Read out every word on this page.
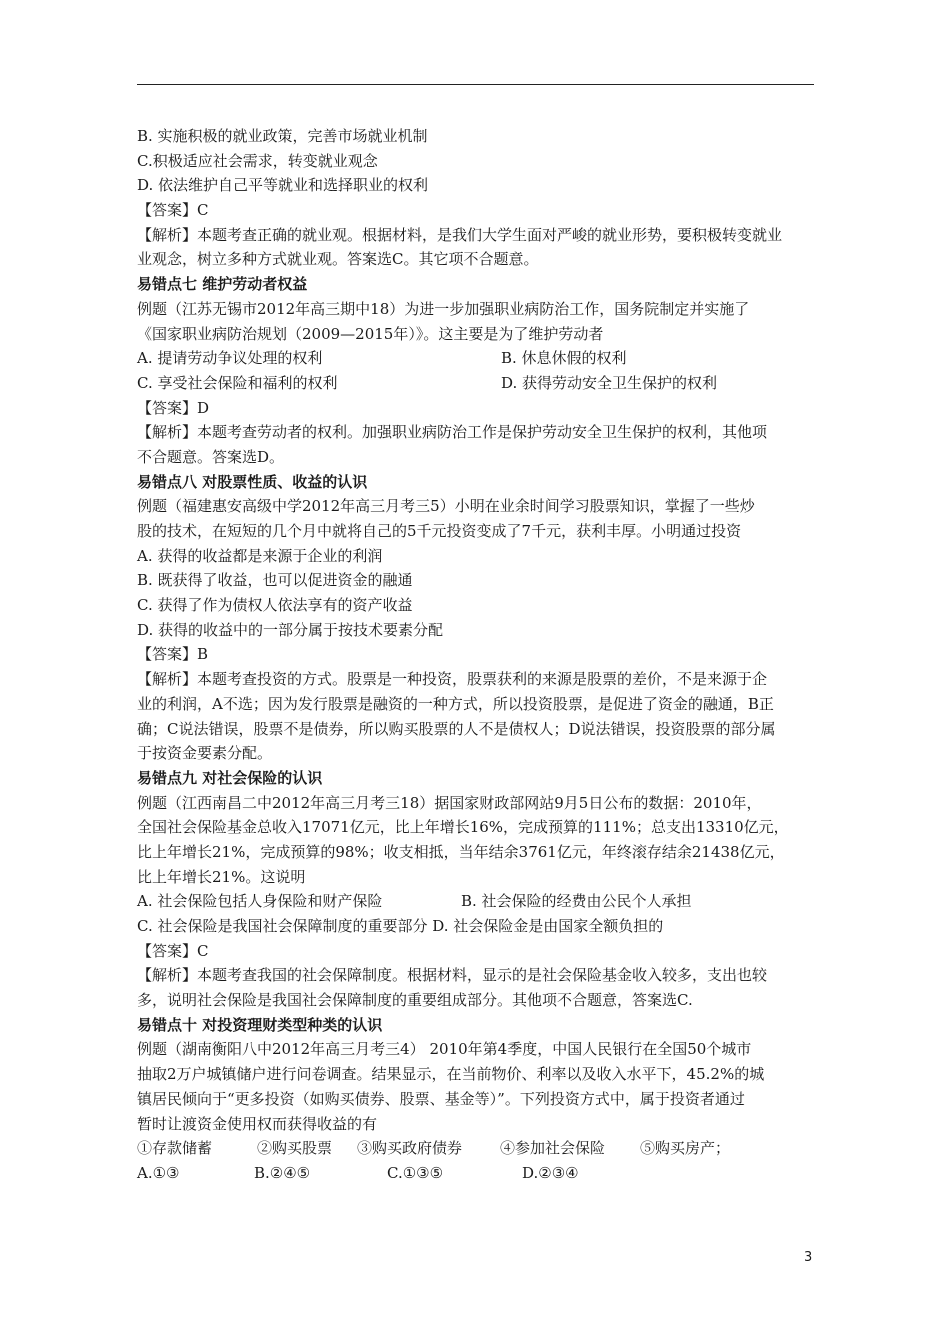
B. 实施积极的就业政策，完善市场就业机制
C.积极适应社会需求，转变就业观念
D. 依法维护自己平等就业和选择职业的权利
【答案】C
【解析】本题考查正确的就业观。根据材料，是我们大学生面对严峻的就业形势，要积极转变就业
业观念，树立多种方式就业观。答案选C。其它项不合题意。
易错点七 维护劳动者权益
例题（江苏无锡市2012年高三期中18）为进一步加强职业病防治工作，国务院制定并实施了
《国家职业病防治规划（2009—2015年）》。这主要是为了维护劳动者
A. 提请劳动争议处理的权利	B. 休息休假的权利
C. 享受社会保险和福利的权利	D. 获得劳动安全卫生保护的权利
【答案】D
【解析】本题考查劳动者的权利。加强职业病防治工作是保护劳动安全卫生保护的权利，其他项
不合题意。答案选D。
易错点八 对股票性质、收益的认识
例题（福建惠安高级中学2012年高三月考三5）小明在业余时间学习股票知识，掌握了一些炒
股的技术，在短短的几个月中就将自己的5千元投资变成了7千元，获利丰厚。小明通过投资
A. 获得的收益都是来源于企业的利润
B. 既获得了收益，也可以促进资金的融通
C. 获得了作为债权人依法享有的资产收益
D. 获得的收益中的一部分属于按技术要素分配
【答案】B
【解析】本题考查投资的方式。股票是一种投资，股票获利的来源是股票的差价，不是来源于企
业的利润，A不选；因为发行股票是融资的一种方式，所以投资股票，是促进了资金的融通，B正
确；C说法错误，股票不是债券，所以购买股票的人不是债权人；D说法错误，投资股票的部分属
于按资金要素分配。
易错点九 对社会保险的认识
例题（江西南昌二中2012年高三月考三18）据国家财政部网站9月5日公布的数据：2010年，
全国社会保险基金总收入17071亿元，比上年增长16%，完成预算的111%；总支出13310亿元，
比上年增长21%，完成预算的98%；收支相抵，当年结余3761亿元，年终滚存结余21438亿元，
比上年增长21%。这说明
A. 社会保险包括人身保险和财产保险	B. 社会保险的经费由公民个人承担
C. 社会保险是我国社会保障制度的重要部分 D. 社会保险金是由国家全额负担的
【答案】C
【解析】本题考查我国的社会保障制度。根据材料，显示的是社会保险基金收入较多，支出也较
多，说明社会保险是我国社会保障制度的重要组成部分。其他项不合题意，答案选C.
易错点十 对投资理财类型种类的认识
例题（湖南衡阳八中2012年高三月考三4） 2010年第4季度，中国人民银行在全国50个城市
抽取2万户城镇储户进行问卷调查。结果显示，在当前物价、利率以及收入水平下，45.2%的城
镇居民倾向于“更多投资（如购买债券、股票、基金等）”。下列投资方式中，属于投资者通过
暂时让渡资金使用权而获得收益的有
①存款储蓄	②购买股票	③购买政府债券	④参加社会保险	⑤购买房产 ；
A.①③	B.②④⑤	C.①③⑤	D.②③④
3
